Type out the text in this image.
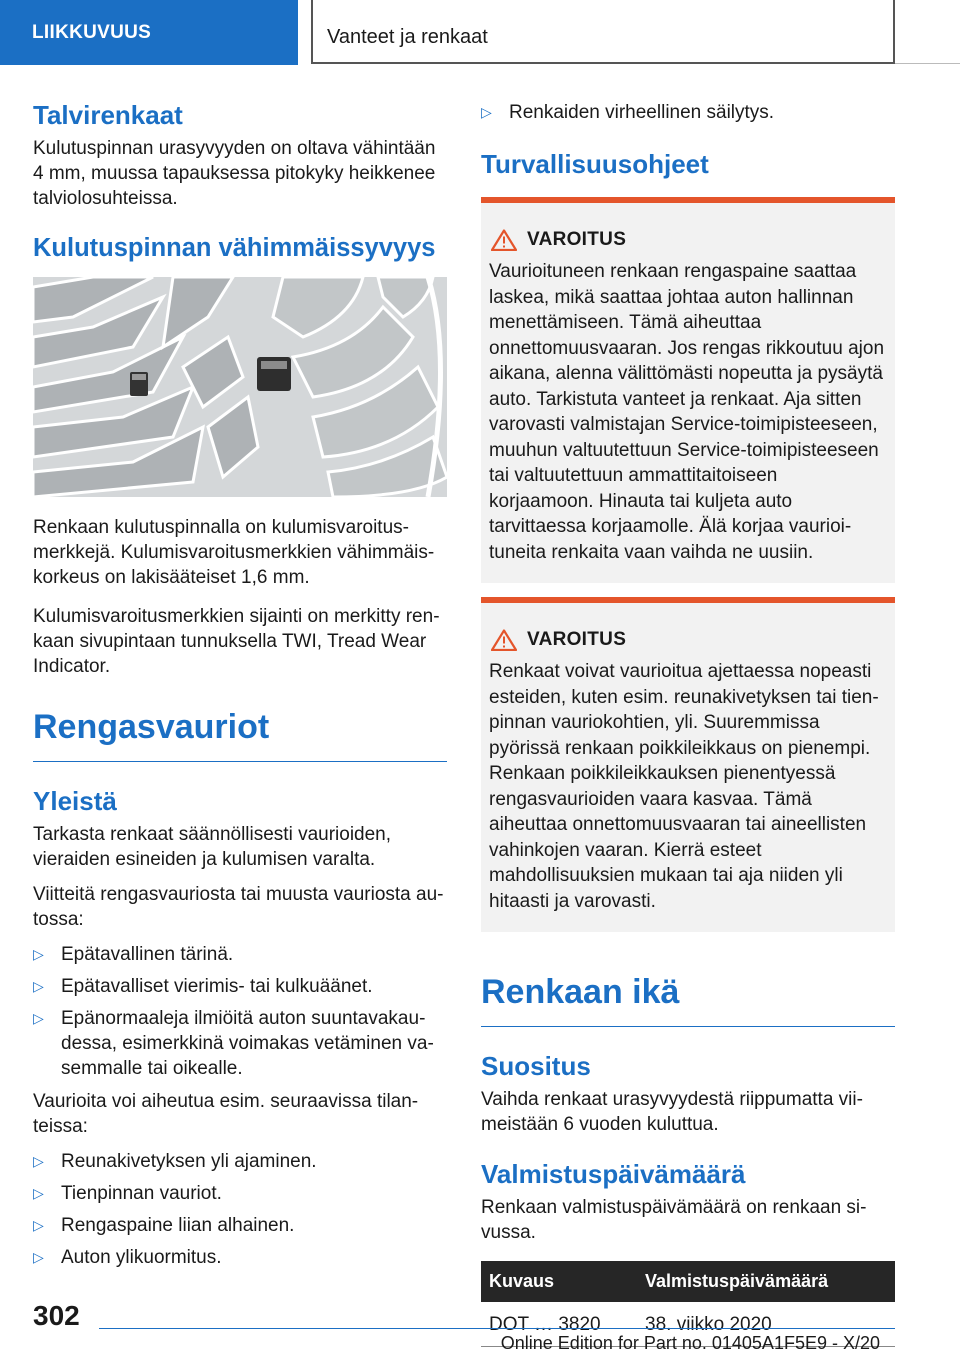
LIIKKUVUUS	Vanteet ja renkaat
Talvirenkaat

Kulutuspinnan urasyvyyden on oltava vähintään 4 mm, muussa tapauksessa pitokyky heikkenee talviolosuhteissa.

Kulutuspinnan vähimmäissyvyys

Renkaan kulutuspinnalla on kulumisvaroitusmerkkejä. Kulumisvaroitusmerkkien vähimmäiskorkeus on lakisääteiset 1,6 mm.

Kulumisvaroitusmerkkien sijainti on merkitty renkaan sivupintaan tunnuksella TWI, Tread Wear Indicator.

Rengasvauriot
Yleistä

Tarkasta renkaat säännöllisesti vaurioiden, vieraiden esineiden ja kulumisen varalta.

Viitteitä rengasvauriosta tai muusta vauriosta autossa:

▷ Epätavallinen tärinä.
▷ Epätavalliset vierimis- tai kulkuäänet.
▷ Epänormaaleja ilmiöitä auton suuntavakaudessa, esimerkkinä voimakas vetäminen vasemmalle tai oikealle.

Vaurioita voi aiheutua esim. seuraavissa tilanteissa:

▷ Reunakivetyksen yli ajaminen.
▷ Tienpinnan vauriot.
▷ Rengaspaine liian alhainen.
▷ Auton ylikuormitus.
▷ Renkaiden virheellinen säilytys.
Turvallisuusohjeet
VAROITUS

Vaurioituneen renkaan rengaspaine saattaa laskea, mikä saattaa johtaa auton hallinnan menettämiseen. Tämä aiheuttaa onnettomuusvaaran. Jos rengas rikkoutuu ajon aikana, alenna välittömästi nopeutta ja pysäytä auto. Tarkistuta vanteet ja renkaat. Aja sitten varovasti valmistajan Service-toimipisteeseen, muuhun valtuutettuun Service-toimipisteeseen tai valtuutettuun ammattitaitoiseen korjaamoon. Hinauta tai kuljeta auto tarvittaessa korjaamolle. Älä korjaa vaurioituneita renkaita vaan vaihda ne uusiin.

VAROITUS

Renkaat voivat vaurioitua ajettaessa nopeasti esteiden, kuten esim. reunakivetyksen tai tienpinnan vauriokohtien, yli. Suuremmissa pyörissä renkaan poikkileikkaus on pienempi. Renkaan poikkileikkauksen pienentyessä rengasvaurioiden vaara kasvaa. Tämä aiheuttaa onnettomuusvaaran tai aineellisten vahinkojen vaaran. Kierrä esteet mahdollisuuksien mukaan tai aja niiden yli hitaasti ja varovasti.

Renkaan ikä
Suositus

Vaihda renkaat urasyvyydestä riippumatta viimeistään 6 vuoden kuluttua.

Valmistuspäivämäärä

Renkaan valmistuspäivämäärä on renkaan sivussa.

Kuvaus	Valmistuspäivämäärä
DOT … 3820	38. viikko 2020
302
Online Edition for Part no. 01405A1F5E9 - X/20
